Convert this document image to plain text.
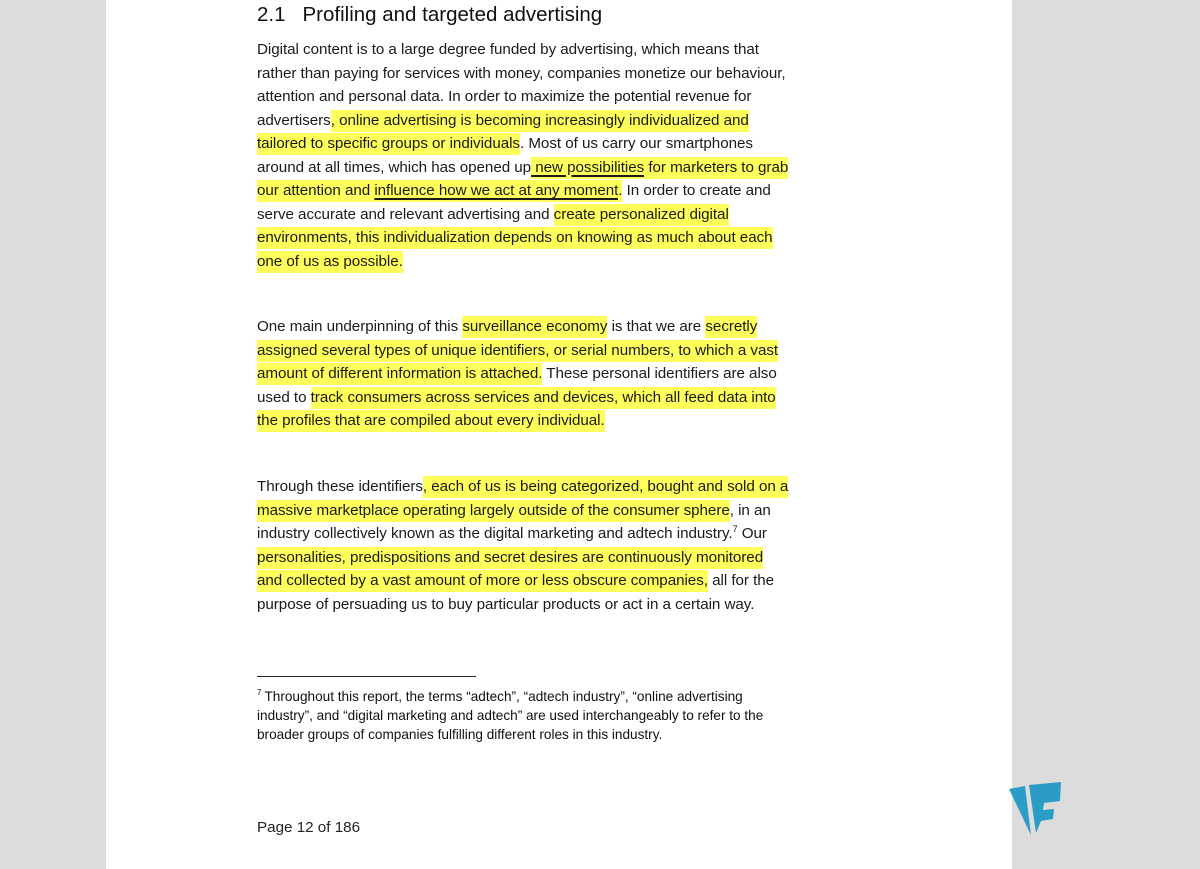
2.1 Profiling and targeted advertising
Digital content is to a large degree funded by advertising, which means that
rather than paying for services with money, companies monetize our behaviour,
attention and personal data. In order to maximize the potential revenue for
advertisers, online advertising is becoming increasingly individualized and
tailored to specific groups or individuals. Most of us carry our smartphones
around at all times, which has opened up new possibilities for marketers to grab
our attention and influence how we act at any moment. In order to create and
serve accurate and relevant advertising and create personalized digital
environments, this individualization depends on knowing as much about each
one of us as possible.
One main underpinning of this surveillance economy is that we are secretly
assigned several types of unique identifiers, or serial numbers, to which a vast
amount of different information is attached. These personal identifiers are also
used to track consumers across services and devices, which all feed data into
the profiles that are compiled about every individual.
Through these identifiers, each of us is being categorized, bought and sold on a
massive marketplace operating largely outside of the consumer sphere, in an
industry collectively known as the digital marketing and adtech industry.$^7$ Our
personalities, predispositions and secret desires are continuously monitored
and collected by a vast amount of more or less obscure companies, all for the
purpose of persuading us to buy particular products or act in a certain way.
$^7$ Throughout this report, the terms “adtech”, “adtech industry”, “online advertising
industry”, and “digital marketing and adtech” are used interchangeably to refer to the
broader groups of companies fulfilling different roles in this industry.
Page 12 of 186
